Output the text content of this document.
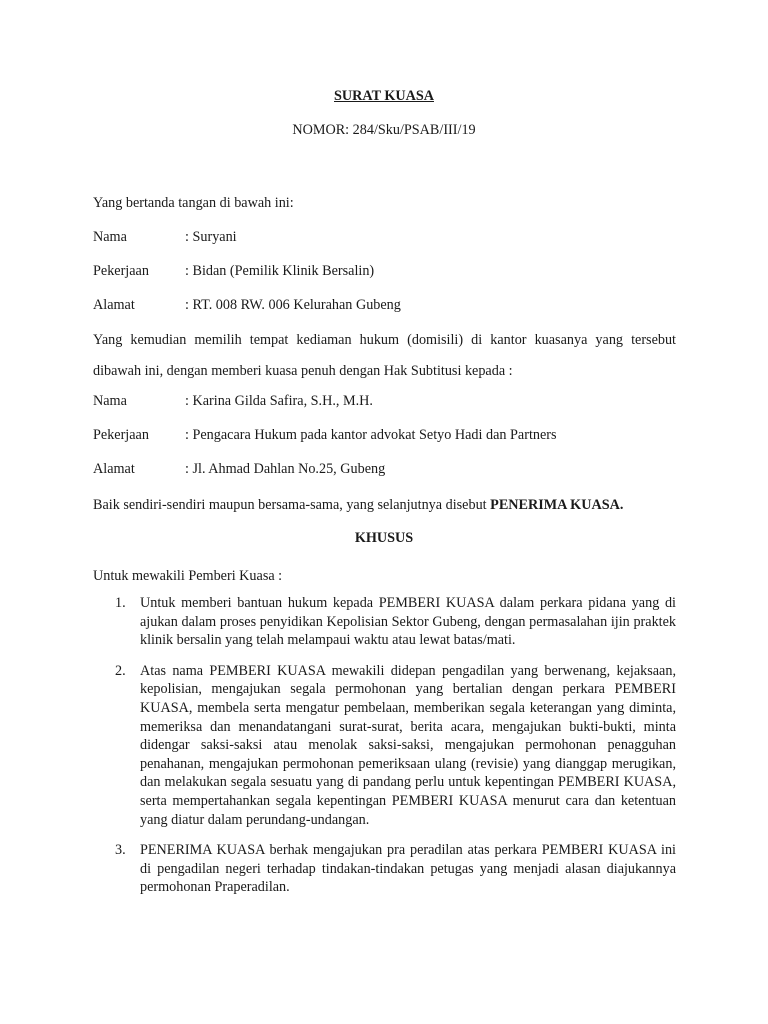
SURAT KUASA
NOMOR: 284/Sku/PSAB/III/19
Yang bertanda tangan di bawah ini:
Nama	: Suryani
Pekerjaan	: Bidan (Pemilik Klinik Bersalin)
Alamat	: RT. 008 RW. 006 Kelurahan Gubeng
Yang kemudian memilih tempat kediaman hukum (domisili) di kantor kuasanya yang tersebut dibawah ini, dengan memberi kuasa penuh dengan Hak Subtitusi kepada :
Nama	: Karina Gilda Safira, S.H., M.H.
Pekerjaan	: Pengacara Hukum pada kantor advokat Setyo Hadi dan Partners
Alamat	: Jl. Ahmad Dahlan No.25, Gubeng
Baik sendiri-sendiri maupun bersama-sama, yang selanjutnya disebut PENERIMA KUASA.
KHUSUS
Untuk mewakili Pemberi Kuasa :
1. Untuk memberi bantuan hukum kepada PEMBERI KUASA dalam perkara pidana yang di ajukan dalam proses penyidikan Kepolisian Sektor Gubeng, dengan permasalahan ijin praktek klinik bersalin yang telah melampaui waktu atau lewat batas/mati.
2. Atas nama PEMBERI KUASA mewakili didepan pengadilan yang berwenang, kejaksaan, kepolisian, mengajukan segala permohonan yang bertalian dengan perkara PEMBERI KUASA, membela serta mengatur pembelaan, memberikan segala keterangan yang diminta, memeriksa dan menandatangani surat-surat, berita acara, mengajukan bukti-bukti, minta didengar saksi-saksi atau menolak saksi-saksi, mengajukan permohonan penagguhan penahanan, mengajukan permohonan pemeriksaan ulang (revisie) yang dianggap merugikan, dan melakukan segala sesuatu yang di pandang perlu untuk kepentingan PEMBERI KUASA, serta mempertahankan segala kepentingan PEMBERI KUASA menurut cara dan ketentuan yang diatur dalam perundang-undangan.
3. PENERIMA KUASA berhak mengajukan pra peradilan atas perkara PEMBERI KUASA ini di pengadilan negeri terhadap tindakan-tindakan petugas yang menjadi alasan diajukannya permohonan Praperadilan.
